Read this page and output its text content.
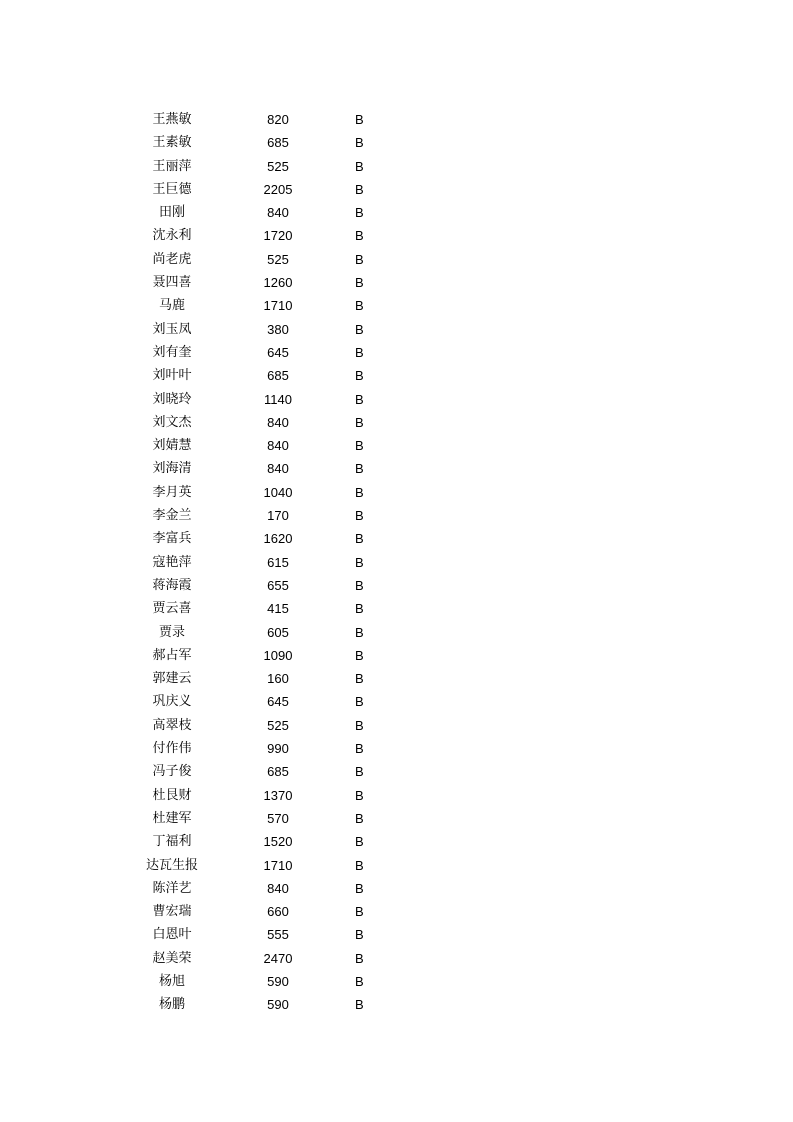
王燕敏	820	B
王素敏	685	B
王丽萍	525	B
王巨德	2205	B
田刚	840	B
沈永利	1720	B
尚老虎	525	B
聂四喜	1260	B
马鹿	1710	B
刘玉凤	380	B
刘有奎	645	B
刘叶叶	685	B
刘晓玲	1140	B
刘文杰	840	B
刘婧慧	840	B
刘海清	840	B
李月英	1040	B
李金兰	170	B
李富兵	1620	B
寇艳萍	615	B
蒋海霞	655	B
贾云喜	415	B
贾录	605	B
郝占军	1090	B
郭建云	160	B
巩庆义	645	B
高翠枝	525	B
付作伟	990	B
冯子俊	685	B
杜艮财	1370	B
杜建军	570	B
丁福利	1520	B
达瓦生报	1710	B
陈洋艺	840	B
曹宏瑞	660	B
白恩叶	555	B
赵美荣	2470	B
杨旭	590	B
杨鹏	590	B
